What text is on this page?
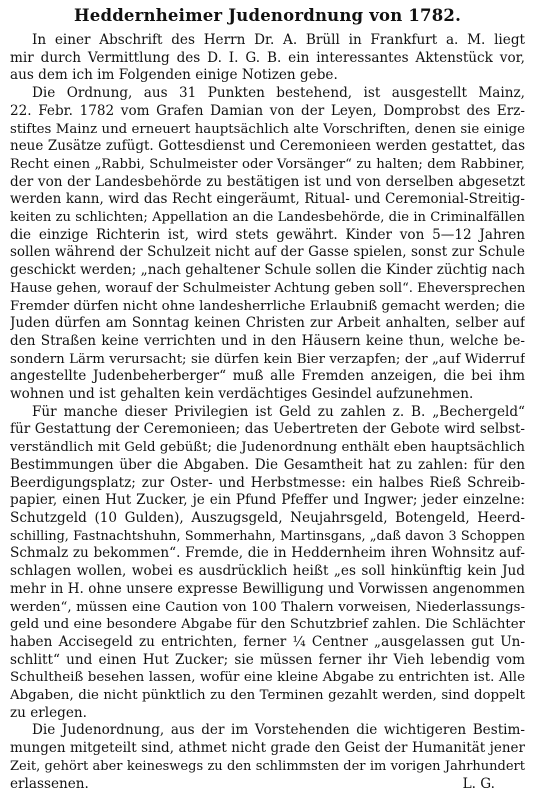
Heddernheimer Judenordnung von 1782.
In einer Abschrift des Herrn Dr. A. Brüll in Frankfurt a. M. liegt
mir durch Vermittlung des D. I. G. B. ein interessantes Aktenstück vor,
aus dem ich im Folgenden einige Notizen gebe.
Die Ordnung, aus 31 Punkten bestehend, ist ausgestellt Mainz,
22. Febr. 1782 vom Grafen Damian von der Leyen, Domprobst des Erz-
stiftes Mainz und erneuert hauptsächlich alte Vorschriften, denen sie einige
neue Zusätze zufügt. Gottesdienst und Ceremonieen werden gestattet, das
Recht einen „Rabbi, Schulmeister oder Vorsänger“ zu halten; dem Rabbiner,
der von der Landesbehörde zu bestätigen ist und von derselben abgesetzt
werden kann, wird das Recht eingeräumt, Ritual- und Ceremonial-Streitig-
keiten zu schlichten; Appellation an die Landesbehörde, die in Criminalfällen
die einzige Richterin ist, wird stets gewährt. Kinder von 5—12 Jahren
sollen während der Schulzeit nicht auf der Gasse spielen, sonst zur Schule
geschickt werden; „nach gehaltener Schule sollen die Kinder züchtig nach
Hause gehen, worauf der Schulmeister Achtung geben soll“. Eheversprechen
Fremder dürfen nicht ohne landesherrliche Erlaubniß gemacht werden; die
Juden dürfen am Sonntag keinen Christen zur Arbeit anhalten, selber auf
den Straßen keine verrichten und in den Häusern keine thun, welche be-
sondern Lärm verursacht; sie dürfen kein Bier verzapfen; der „auf Widerruf
angestellte Judenbeherberger“ muß alle Fremden anzeigen, die bei ihm
wohnen und ist gehalten kein verdächtiges Gesindel aufzunehmen.
Für manche dieser Privilegien ist Geld zu zahlen z. B. „Bechergeld“
für Gestattung der Ceremonieen; das Uebertreten der Gebote wird selbst-
verständlich mit Geld gebüßt; die Judenordnung enthält eben hauptsächlich
Bestimmungen über die Abgaben. Die Gesamtheit hat zu zahlen: für den
Beerdigungsplatz; zur Oster- und Herbstmesse: ein halbes Rieß Schreib-
papier, einen Hut Zucker, je ein Pfund Pfeffer und Ingwer; jeder einzelne:
Schutzgeld (10 Gulden), Auszugsgeld, Neujahrsgeld, Botengeld, Heerd-
schilling, Fastnachtshuhn, Sommerhahn, Martinsgans, „daß davon 3 Schoppen
Schmalz zu bekommen“. Fremde, die in Heddernheim ihren Wohnsitz auf-
schlagen wollen, wobei es ausdrücklich heißt „es soll hinkünftig kein Jud
mehr in H. ohne unsere expresse Bewilligung und Vorwissen angenommen
werden“, müssen eine Caution von 100 Thalern vorweisen, Niederlassungs-
geld und eine besondere Abgabe für den Schutzbrief zahlen. Die Schlächter
haben Accisegeld zu entrichten, ferner ¼ Centner „ausgelassen gut Un-
schlitt“ und einen Hut Zucker; sie müssen ferner ihr Vieh lebendig vom
Schultheiß besehen lassen, wofür eine kleine Abgabe zu entrichten ist. Alle
Abgaben, die nicht pünktlich zu den Terminen gezahlt werden, sind doppelt
zu erlegen.
Die Judenordnung, aus der im Vorstehenden die wichtigeren Bestim-
mungen mitgeteilt sind, athmet nicht grade den Geist der Humanität jener
Zeit, gehört aber keineswegs zu den schlimmsten der im vorigen Jahrhundert
erlassenen.	L. G.
